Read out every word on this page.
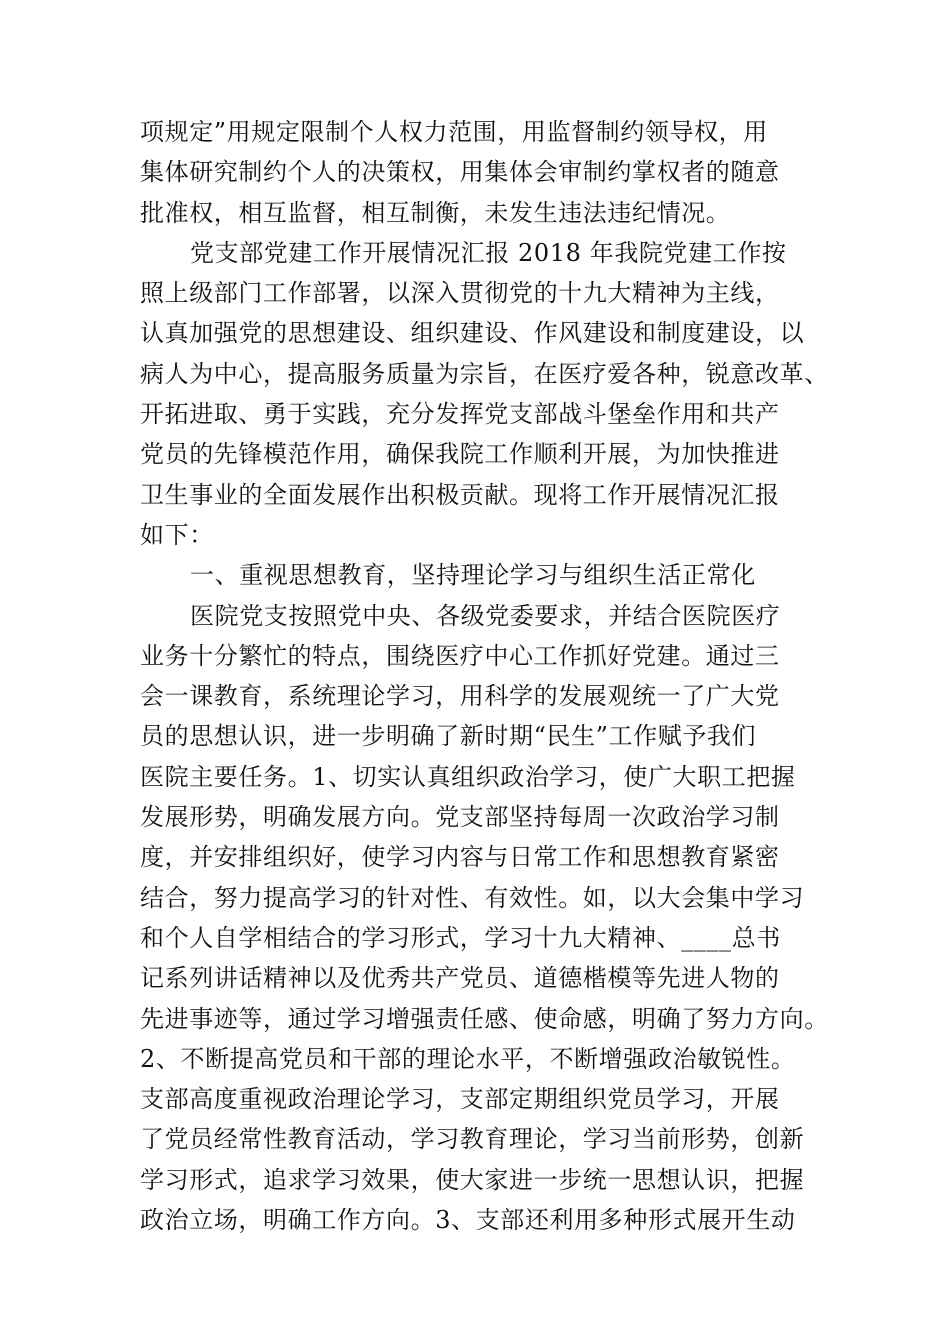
项规定”用规定限制个人权力范围，用监督制约领导权，用
集体研究制约个人的决策权，用集体会审制约掌权者的随意
批准权，相互监督，相互制衡，未发生违法违纪情况。
党支部党建工作开展情况汇报 2018 年我院党建工作按
照上级部门工作部署，以深入贯彻党的十九大精神为主线，
认真加强党的思想建设、组织建设、作风建设和制度建设，以
病人为中心，提高服务质量为宗旨，在医疗爱各种，锐意改革、
开拓进取、勇于实践，充分发挥党支部战斗堡垒作用和共产
党员的先锋模范作用，确保我院工作顺利开展，为加快推进
卫生事业的全面发展作出积极贡献。现将工作开展情况汇报
如下：
一、重视思想教育，坚持理论学习与组织生活正常化
医院党支按照党中央、各级党委要求，并结合医院医疗
业务十分繁忙的特点，围绕医疗中心工作抓好党建。通过三
会一课教育，系统理论学习，用科学的发展观统一了广大党
员的思想认识，进一步明确了新时期“民生”工作赋予我们
医院主要任务。1、切实认真组织政治学习，使广大职工把握
发展形势，明确发展方向。党支部坚持每周一次政治学习制
度，并安排组织好，使学习内容与日常工作和思想教育紧密
结合，努力提高学习的针对性、有效性。如，以大会集中学习
和个人自学相结合的学习形式，学习十九大精神、____总书
记系列讲话精神以及优秀共产党员、道德楷模等先进人物的
先进事迹等，通过学习增强责任感、使命感，明确了努力方向。
2、不断提高党员和干部的理论水平，不断增强政治敏锐性。
支部高度重视政治理论学习，支部定期组织党员学习，开展
了党员经常性教育活动，学习教育理论，学习当前形势，创新
学习形式，追求学习效果，使大家进一步统一思想认识，把握
政治立场，明确工作方向。3、支部还利用多种形式展开生动
